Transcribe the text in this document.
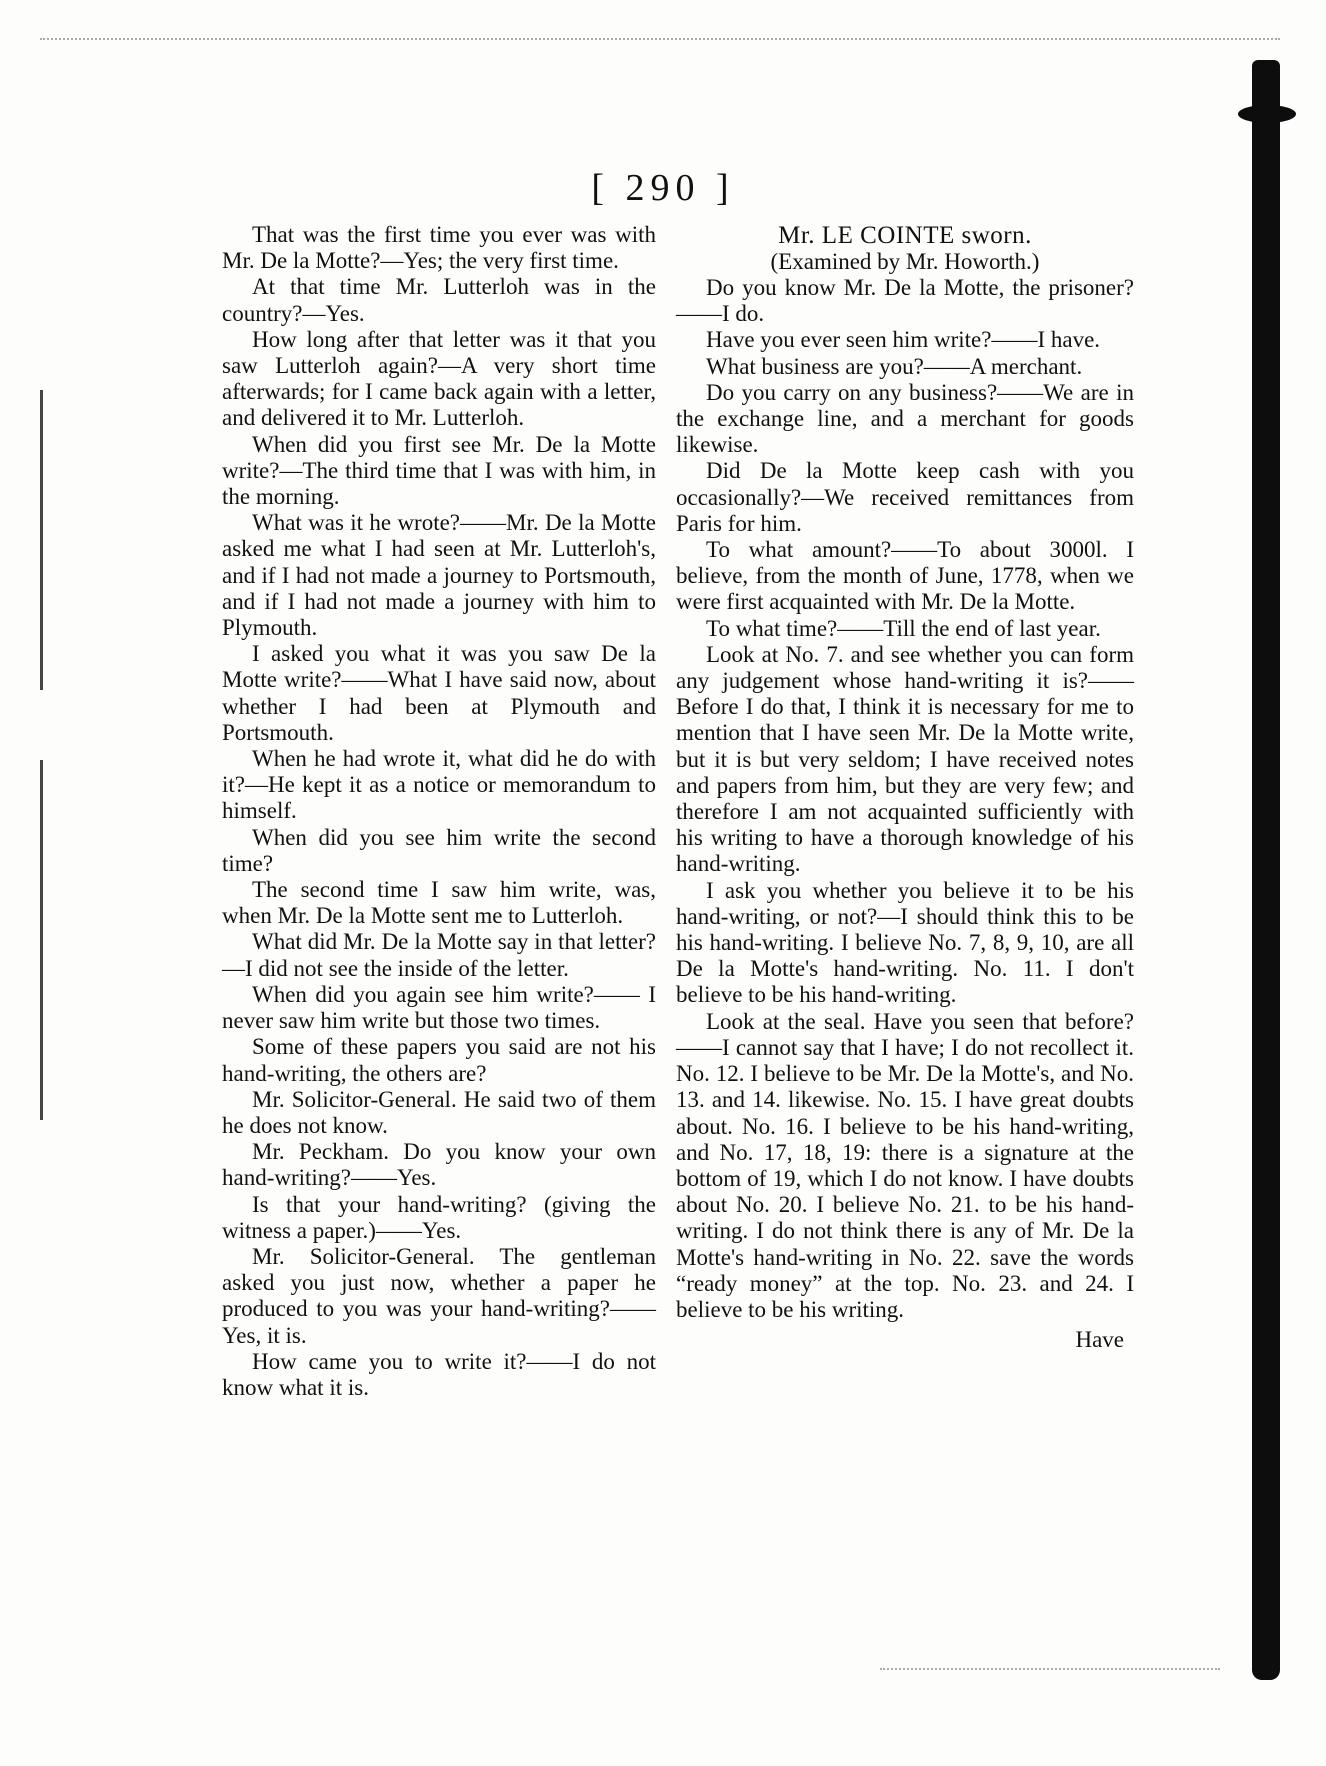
[ 290 ]

That was the first time you ever was with Mr. De la Motte?—Yes; the very first time.

At that time Mr. Lutterloh was in the country?—Yes.

How long after that letter was it that you saw Lutterloh again?—A very short time afterwards; for I came back again with a letter, and delivered it to Mr. Lutterloh.

When did you first see Mr. De la Motte write?—The third time that I was with him, in the morning.

What was it he wrote?——Mr. De la Motte asked me what I had seen at Mr. Lutterloh's, and if I had not made a journey to Portsmouth, and if I had not made a journey with him to Plymouth.

I asked you what it was you saw De la Motte write?——What I have said now, about whether I had been at Plymouth and Portsmouth.

When he had wrote it, what did he do with it?—He kept it as a notice or memorandum to himself.

When did you see him write the second time?

The second time I saw him write, was, when Mr. De la Motte sent me to Lutterloh.

What did Mr. De la Motte say in that letter?—I did not see the inside of the letter.

When did you again see him write?—— I never saw him write but those two times.

Some of these papers you said are not his hand-writing, the others are?

Mr. Solicitor-General. He said two of them he does not know.

Mr. Peckham. Do you know your own hand-writing?——Yes.

Is that your hand-writing? (giving the witness a paper.)——Yes.

Mr. Solicitor-General. The gentleman asked you just now, whether a paper he produced to you was your hand-writing?—— Yes, it is.

How came you to write it?——I do not know what it is.

Mr. LE COINTE sworn.

(Examined by Mr. Howorth.)

Do you know Mr. De la Motte, the prisoner?——I do.

Have you ever seen him write?——I have.

What business are you?——A merchant.

Do you carry on any business?——We are in the exchange line, and a merchant for goods likewise.

Did De la Motte keep cash with you occasionally?—We received remittances from Paris for him.

To what amount?——To about 3000l. I believe, from the month of June, 1778, when we were first acquainted with Mr. De la Motte.

To what time?——Till the end of last year.

Look at No. 7. and see whether you can form any judgement whose hand-writing it is?——Before I do that, I think it is necessary for me to mention that I have seen Mr. De la Motte write, but it is but very seldom; I have received notes and papers from him, but they are very few; and therefore I am not acquainted sufficiently with his writing to have a thorough knowledge of his hand-writing.

I ask you whether you believe it to be his hand-writing, or not?—I should think this to be his hand-writing. I believe No. 7, 8, 9, 10, are all De la Motte's hand-writing. No. 11. I don't believe to be his hand-writing.

Look at the seal. Have you seen that before?——I cannot say that I have; I do not recollect it. No. 12. I believe to be Mr. De la Motte's, and No. 13. and 14. likewise. No. 15. I have great doubts about. No. 16. I believe to be his hand-writing, and No. 17, 18, 19: there is a signature at the bottom of 19, which I do not know. I have doubts about No. 20. I believe No. 21. to be his hand-writing. I do not think there is any of Mr. De la Motte's hand-writing in No. 22. save the words “ready money” at the top. No. 23. and 24. I believe to be his writing.

Have
